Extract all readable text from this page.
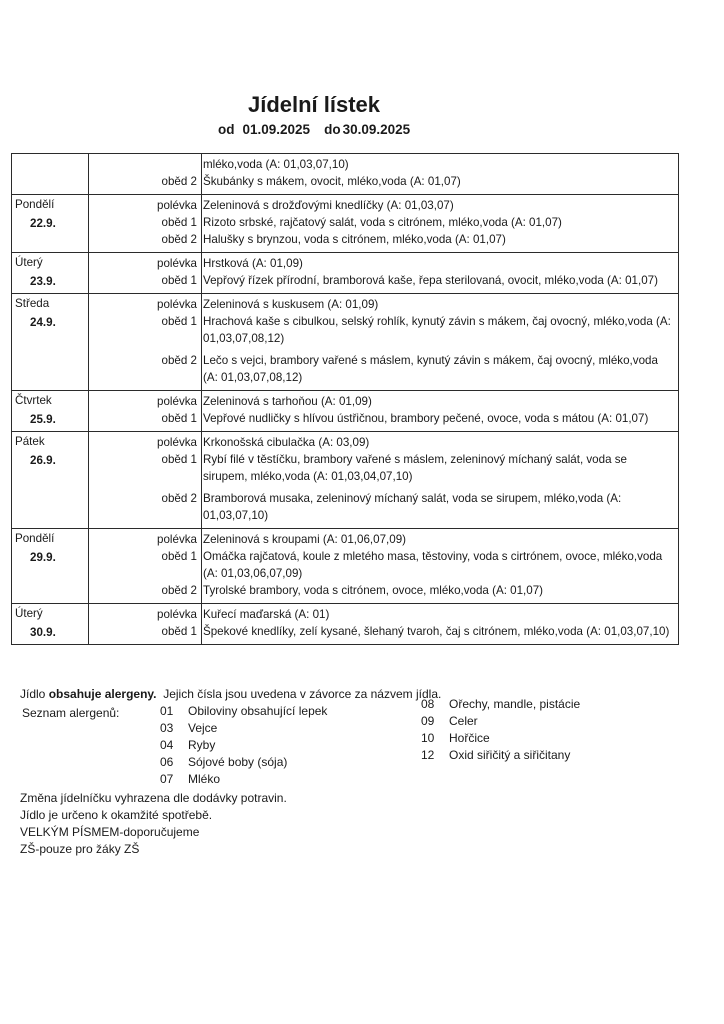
Jídelní lístek
od 01.09.2025 do 30.09.2025
mléko,voda (A: 01,03,07,10)
oběd 2 Škubánky s mákem, ovocit, mléko,voda (A: 01,07)
Pondělí
22.9.
polévka Zeleninová s drožďovými knedlíčky (A: 01,03,07)
oběd 1 Rizoto srbské, rajčatový salát, voda s citrónem, mléko,voda (A: 01,07)
oběd 2 Halušky s brynzou, voda s citrónem, mléko,voda (A: 01,07)
Úterý
23.9.
polévka Hrstková (A: 01,09)
oběd 1 Vepřový řízek přírodní, bramborová kaše, řepa sterilovaná, ovocit, mléko,voda (A: 01,07)
Středa
24.9.
polévka Zeleninová s kuskusem (A: 01,09)
oběd 1 Hrachová kaše s cibulkou, selský rohlík, kynutý závin s mákem, čaj ovocný, mléko,voda (A: 01,03,07,08,12)
oběd 2 Lečo s vejci, brambory vařené s máslem, kynutý závin s mákem, čaj ovocný, mléko,voda (A: 01,03,07,08,12)
Čtvrtek
25.9.
polévka Zeleninová s tarhoňou (A: 01,09)
oběd 1 Vepřové nudličky s hlívou ústřičnou, brambory pečené, ovoce, voda s mátou (A: 01,07)
Pátek
26.9.
polévka Krkonošská cibulačka (A: 03,09)
oběd 1 Rybí filé v těstíčku, brambory vařené s máslem, zeleninový míchaný salát, voda se sirupem, mléko,voda (A: 01,03,04,07,10)
oběd 2 Bramborová musaka, zeleninový míchaný salát, voda se sirupem, mléko,voda (A: 01,03,07,10)
Pondělí
29.9.
polévka Zeleninová s kroupami (A: 01,06,07,09)
oběd 1 Omáčka rajčatová, koule z mletého masa, těstoviny, voda s cirtrónem, ovoce, mléko,voda (A: 01,03,06,07,09)
oběd 2 Tyrolské brambory, voda s citrónem, ovoce, mléko,voda (A: 01,07)
Úterý
30.9.
polévka Kuřecí maďarská (A: 01)
oběd 1 Špekové knedlíky, zelí kysané, šlehaný tvaroh, čaj s citrónem, mléko,voda (A: 01,03,07,10)
Jídlo obsahuje alergeny. Jejich čísla jsou uvedena v závorce za názvem jídla.
Seznam alergenů:	01	Obiloviny obsahující lepek
03	Vejce
04	Ryby
06	Sójové boby (sója)
07	Mléko
08	Ořechy, mandle, pistácie
09	Celer
10	Hořčice
12	Oxid siřičitý a siřičitany
Změna jídelníčku vyhrazena dle dodávky potravin.
Jídlo je určeno k okamžité spotřebě.
VELKÝM PÍSMEM-doporučujeme
ZŠ-pouze pro žáky ZŠ
